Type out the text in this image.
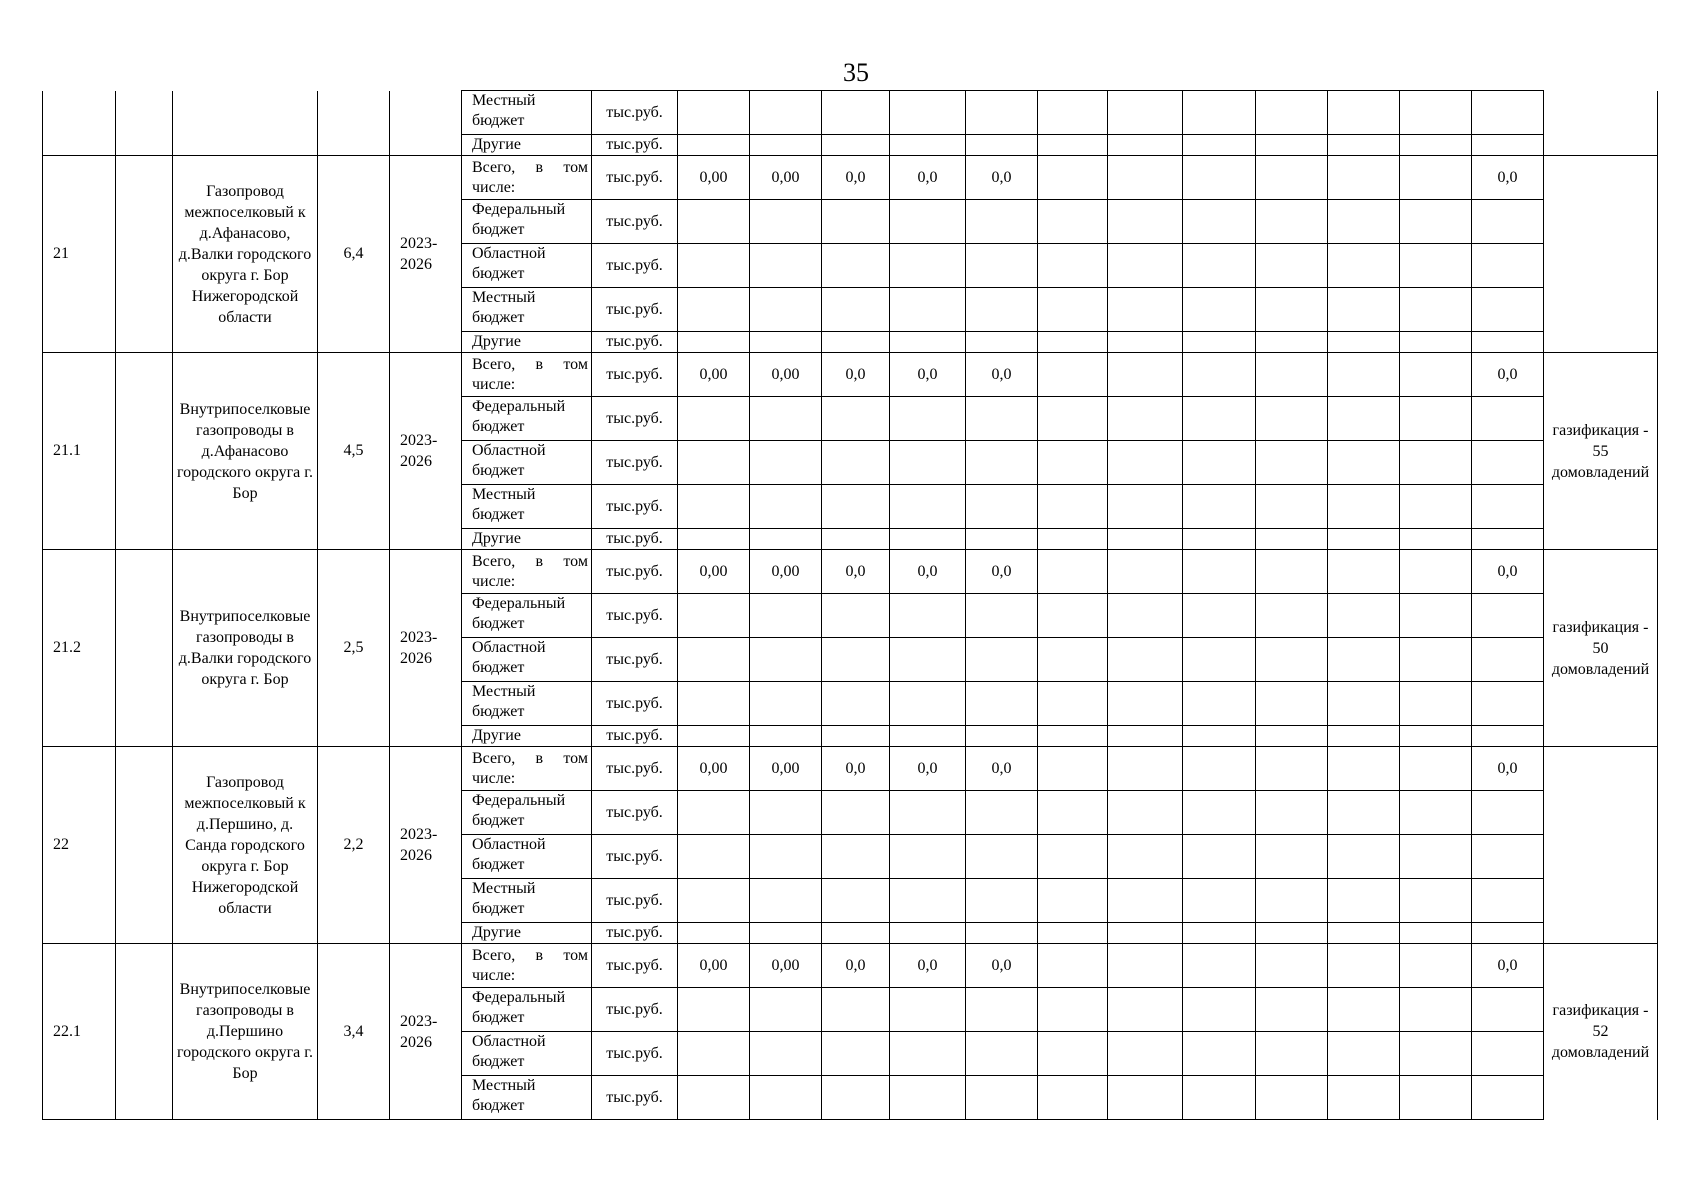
35
					Местный бюджет	тыс.руб.													
					Другие	тыс.руб.													
21		Газопровод межпоселковый к д.Афанасово, д.Валки городского округа г. Бор Нижегородской области	6,4	2023-2026	Всего, в том числе:	тыс.руб.	0,00	0,00	0,0	0,0	0,0							0,0	
					Федеральный бюджет	тыс.руб.													
					Областной бюджет	тыс.руб.													
					Местный бюджет	тыс.руб.													
					Другие	тыс.руб.													
21.1		Внутрипоселковые газопроводы в д.Афанасово городского округа г. Бор	4,5	2023-2026	Всего, в том числе:	тыс.руб.	0,00	0,00	0,0	0,0	0,0							0,0	газификация - 55 домовладений
					Федеральный бюджет	тыс.руб.													
					Областной бюджет	тыс.руб.													
					Местный бюджет	тыс.руб.													
					Другие	тыс.руб.													
21.2		Внутрипоселковые газопроводы в д.Валки городского округа г. Бор	2,5	2023-2026	Всего, в том числе:	тыс.руб.	0,00	0,00	0,0	0,0	0,0							0,0	газификация - 50 домовладений
					Федеральный бюджет	тыс.руб.													
					Областной бюджет	тыс.руб.													
					Местный бюджет	тыс.руб.													
					Другие	тыс.руб.													
22		Газопровод межпоселковый к д.Першино, д. Санда городского округа г. Бор Нижегородской области	2,2	2023-2026	Всего, в том числе:	тыс.руб.	0,00	0,00	0,0	0,0	0,0							0,0	
					Федеральный бюджет	тыс.руб.													
					Областной бюджет	тыс.руб.													
					Местный бюджет	тыс.руб.													
					Другие	тыс.руб.													
22.1		Внутрипоселковые газопроводы в д.Першино городского округа г. Бор	3,4	2023-2026	Всего, в том числе:	тыс.руб.	0,00	0,00	0,0	0,0	0,0							0,0	газификация - 52 домовладений
					Федеральный бюджет	тыс.руб.													
					Областной бюджет	тыс.руб.													
					Местный бюджет	тыс.руб.													
